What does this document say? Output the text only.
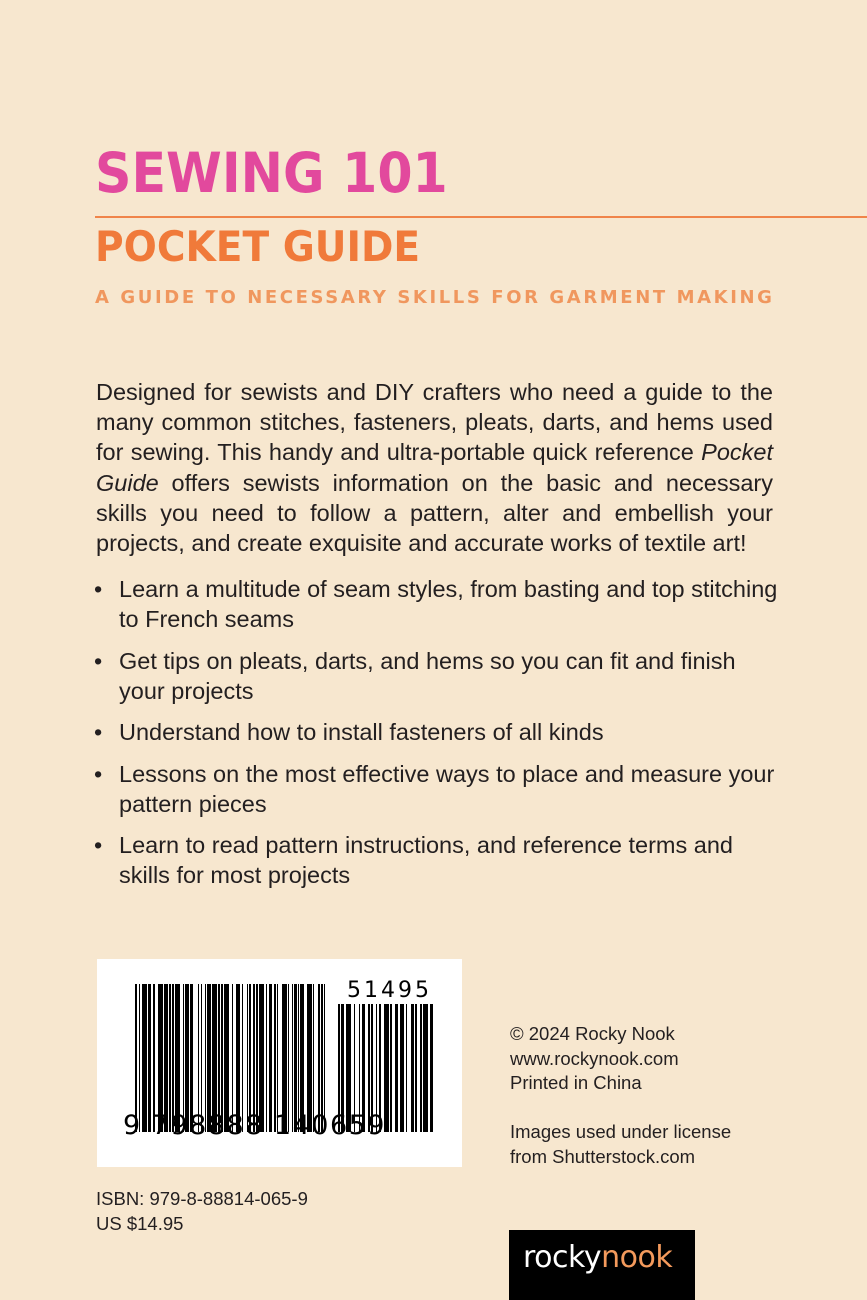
SEWING 101
POCKET GUIDE
A GUIDE TO NECESSARY SKILLS FOR GARMENT MAKING
Designed for sewists and DIY crafters who need a guide to the many common stitches, fasteners, pleats, darts, and hems used for sewing. This handy and ultra-portable quick reference Pocket Guide offers sewists information on the basic and necessary skills you need to follow a pattern, alter and embellish your projects, and create exquisite and accurate works of textile art!
• Learn a multitude of seam styles, from basting and top stitching to French seams
• Get tips on pleats, darts, and hems so you can fit and finish your projects
• Understand how to install fasteners of all kinds
• Lessons on the most effective ways to place and measure your pattern pieces
• Learn to read pattern instructions, and reference terms and skills for most projects
9 798888 140659
51495
© 2024 Rocky Nook
www.rockynook.com
Printed in China
Images used under license
from Shutterstock.com
ISBN: 979-8-88814-065-9
US $14.95
rockynook
